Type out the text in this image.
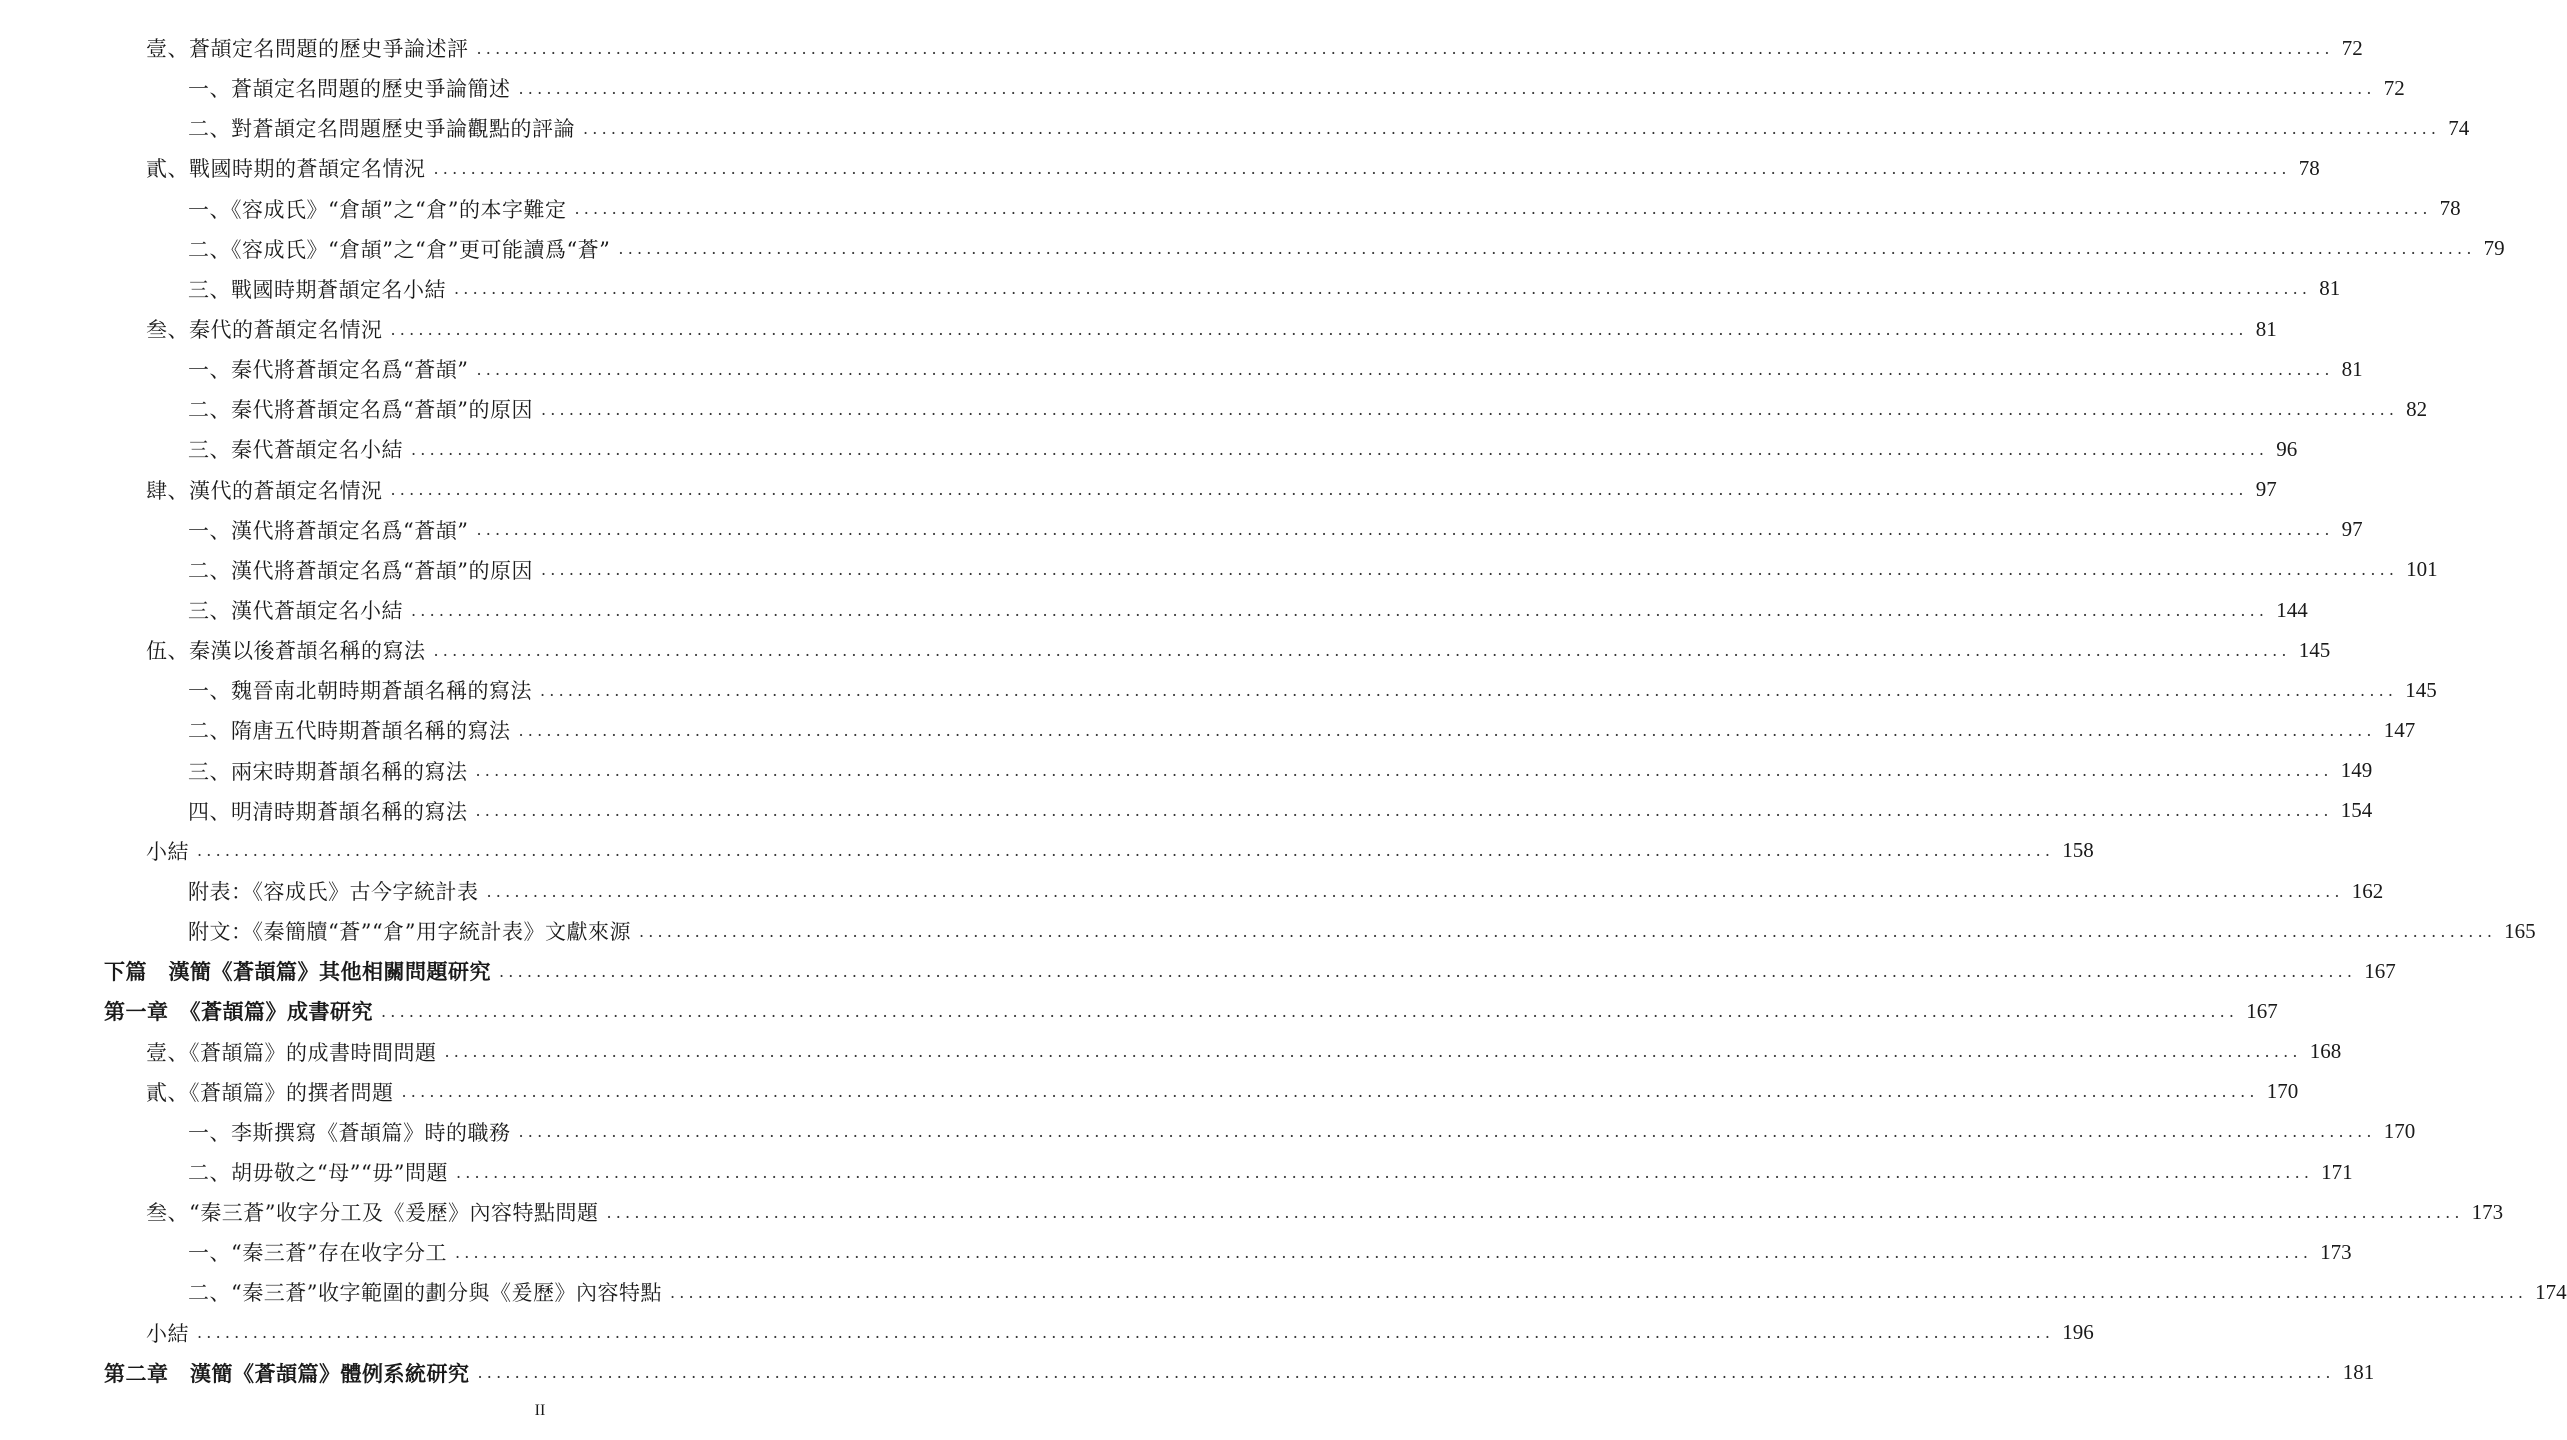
壹、蒼頡定名問題的歷史爭論述評 ........................................................................................................................................................................................................ 72
一、蒼頡定名問題的歷史爭論簡述 ........................................................................................................................................................................................................ 72
二、對蒼頡定名問題歷史爭論觀點的評論 ........................................................................................................................................................................................................ 74
貳、戰國時期的蒼頡定名情況 ........................................................................................................................................................................................................ 78
一、《容成氏》“倉頡”之“倉”的本字難定 ........................................................................................................................................................................................................ 78
二、《容成氏》“倉頡”之“倉”更可能讀爲“蒼” ........................................................................................................................................................................................................ 79
三、戰國時期蒼頡定名小結 ........................................................................................................................................................................................................ 81
叁、秦代的蒼頡定名情況 ........................................................................................................................................................................................................ 81
一、秦代將蒼頡定名爲“蒼頡” ........................................................................................................................................................................................................ 81
二、秦代將蒼頡定名爲“蒼頡”的原因 ........................................................................................................................................................................................................ 82
三、秦代蒼頡定名小結 ........................................................................................................................................................................................................ 96
肆、漢代的蒼頡定名情況 ........................................................................................................................................................................................................ 97
一、漢代將蒼頡定名爲“蒼頡” ........................................................................................................................................................................................................ 97
二、漢代將蒼頡定名爲“蒼頡”的原因 ........................................................................................................................................................................................................ 101
三、漢代蒼頡定名小結 ........................................................................................................................................................................................................ 144
伍、秦漢以後蒼頡名稱的寫法 ........................................................................................................................................................................................................ 145
一、魏晉南北朝時期蒼頡名稱的寫法 ........................................................................................................................................................................................................ 145
二、隋唐五代時期蒼頡名稱的寫法 ........................................................................................................................................................................................................ 147
三、兩宋時期蒼頡名稱的寫法 ........................................................................................................................................................................................................ 149
四、明清時期蒼頡名稱的寫法 ........................................................................................................................................................................................................ 154
小結 ........................................................................................................................................................................................................ 158
附表：《容成氏》古今字統計表 ........................................................................................................................................................................................................ 162
附文：《秦簡牘“蒼”“倉”用字統計表》文獻來源 ........................................................................................................................................................................................................ 165
下篇　漢簡《蒼頡篇》其他相關問題研究 ........................................................................................................................................................................................................ 167
第一章　《蒼頡篇》成書研究 ........................................................................................................................................................................................................ 167
壹、《蒼頡篇》的成書時間問題 ........................................................................................................................................................................................................ 168
貳、《蒼頡篇》的撰者問題 ........................................................................................................................................................................................................ 170
一、李斯撰寫《蒼頡篇》時的職務 ........................................................................................................................................................................................................ 170
二、胡毋敬之“母”“毋”問題 ........................................................................................................................................................................................................ 171
叁、“秦三蒼”收字分工及《爰歷》內容特點問題 ........................................................................................................................................................................................................ 173
一、“秦三蒼”存在收字分工 ........................................................................................................................................................................................................ 173
二、“秦三蒼”收字範圍的劃分與《爰歷》內容特點 ........................................................................................................................................................................................................ 174
小結 ........................................................................................................................................................................................................ 196
第二章　漢簡《蒼頡篇》體例系統研究 ........................................................................................................................................................................................................ 181
II
